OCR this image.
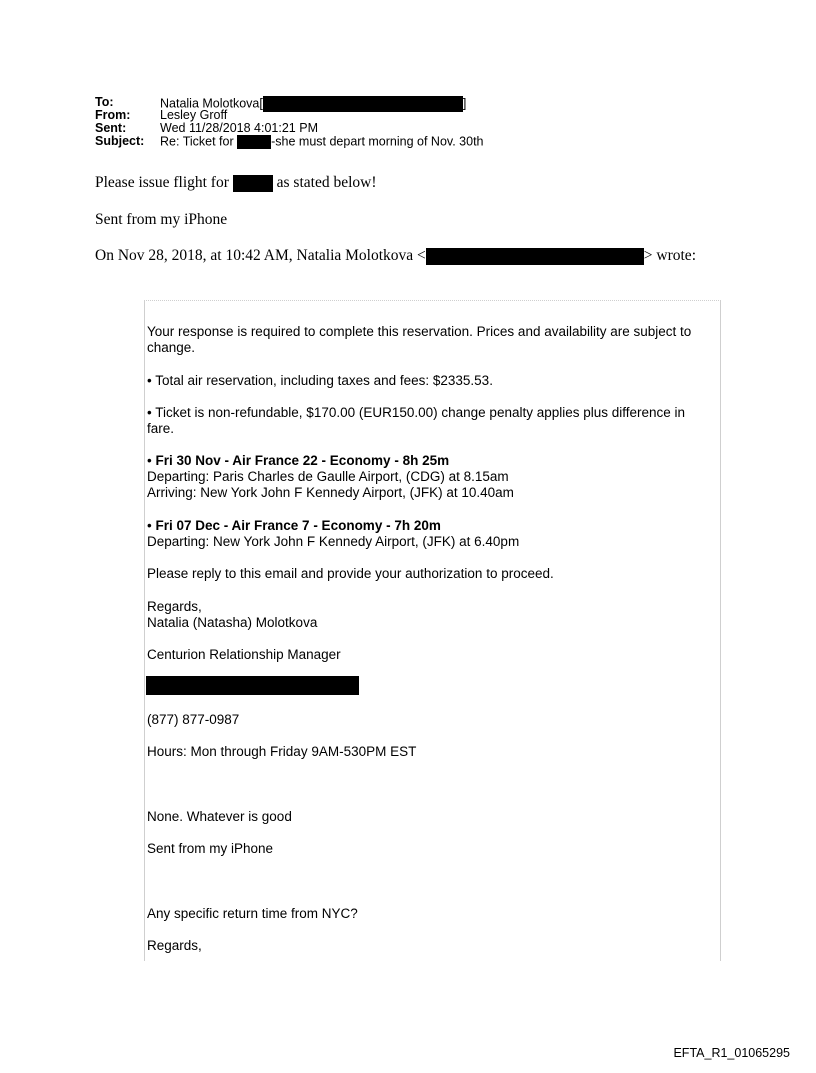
To:	Natalia Molotkova[	]
From: Lesley Groff
Sent:	Wed 11/28/2018 4:01:21 PM
Subject: Re: Ticket for	-she must depart morning of Nov. 30th
Please issue flight for	as stated below!
Sent from my iPhone
On Nov 28, 2018, at 10:42 AM, Natalia Molotkova <	> wrote:
Your response is required to complete this reservation. Prices and availability are subject to
change.
• Total air reservation, including taxes and fees: $2335.53.
• Ticket is non-refundable, $170.00 (EUR150.00) change penalty applies plus difference in
fare.
• Fri 30 Nov - Air France 22 - Economy - 8h 25m
Departing: Paris Charles de Gaulle Airport, (CDG) at 8.15am
Arriving: New York John F Kennedy Airport, (JFK) at 10.40am
• Fri 07 Dec - Air France 7 - Economy - 7h 20m
Departing: New York John F Kennedy Airport, (JFK) at 6.40pm
Please reply to this email and provide your authorization to proceed.
Regards,
Natalia (Natasha) Molotkova
Centurion Relationship Manager
(877) 877-0987
Hours: Mon through Friday 9AM-530PM EST
None. Whatever is good
Sent from my iPhone
Any specific return time from NYC?
Regards,
EFTA_R1_01065295
